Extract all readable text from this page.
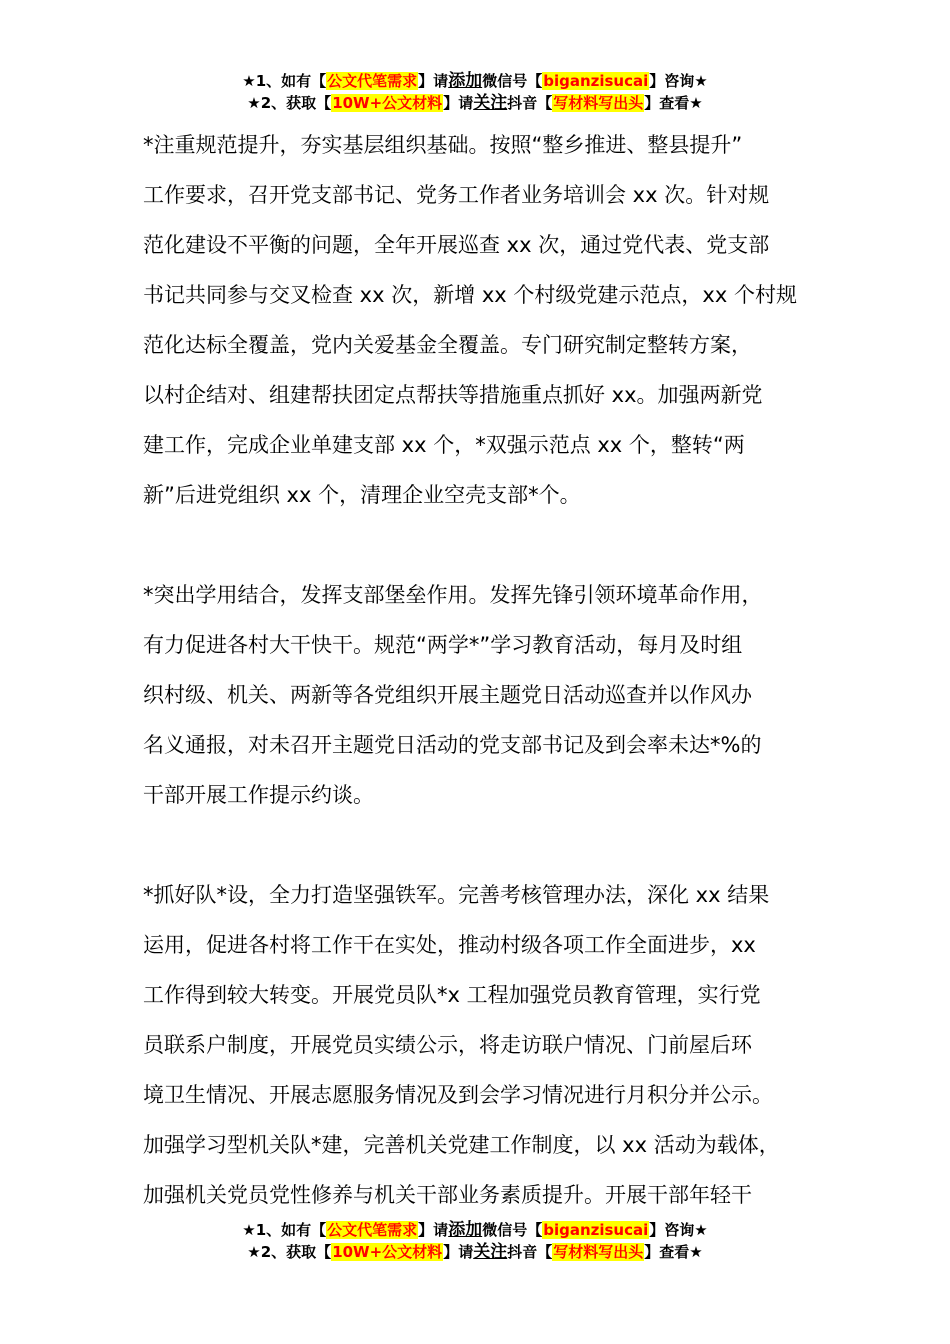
★1、如有【公文代笔需求】请添加微信号【biganzisucai】咨询★
★2、获取【10W+公文材料】请关注抖音【写材料写出头】查看★

*注重规范提升，夯实基层组织基础。按照“整乡推进、整县提升”
工作要求，召开党支部书记、党务工作者业务培训会 xx 次。针对规
范化建设不平衡的问题，全年开展巡查 xx 次，通过党代表、党支部
书记共同参与交叉检查 xx 次，新增 xx 个村级党建示范点，xx 个村规
范化达标全覆盖，党内关爱基金全覆盖。专门研究制定整转方案，
以村企结对、组建帮扶团定点帮扶等措施重点抓好 xx。加强两新党
建工作，完成企业单建支部 xx 个，*双强示范点 xx 个，整转“两
新”后进党组织 xx 个，清理企业空壳支部*个。

*突出学用结合，发挥支部堡垒作用。发挥先锋引领环境革命作用，
有力促进各村大干快干。规范“两学*”学习教育活动，每月及时组
织村级、机关、两新等各党组织开展主题党日活动巡查并以作风办
名义通报，对未召开主题党日活动的党支部书记及到会率未达*%的
干部开展工作提示约谈。

*抓好队*设，全力打造坚强铁军。完善考核管理办法，深化 xx 结果
运用，促进各村将工作干在实处，推动村级各项工作全面进步，xx
工作得到较大转变。开展党员队*x 工程加强党员教育管理，实行党
员联系户制度，开展党员实绩公示，将走访联户情况、门前屋后环
境卫生情况、开展志愿服务情况及到会学习情况进行月积分并公示。
加强学习型机关队*建，完善机关党建工作制度，以 xx 活动为载体，
加强机关党员党性修养与机关干部业务素质提升。开展干部年轻干

★1、如有【公文代笔需求】请添加微信号【biganzisucai】咨询★
★2、获取【10W+公文材料】请关注抖音【写材料写出头】查看★
